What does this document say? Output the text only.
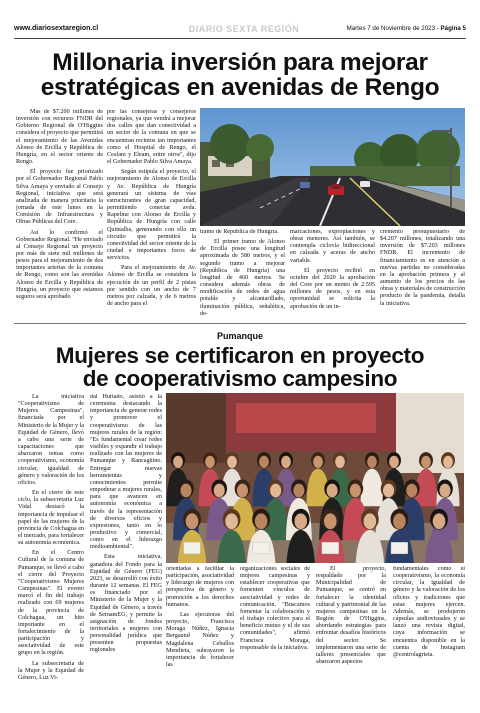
www.diariosextaregion.cl	DIARIO SEXTA REGIÓN	Martes 7 de Noviembre de 2023 - Página 5
Millonaria inversión para mejorar
estratégicas en avenidas de Rengo

Más de $7.200 millones de inversión con recursos FNDR del Gobierno Regional de O'Higgins considera el proyecto que permitirá el mejoramiento de las Avenidas Alonso de Ercilla y República de Hungría, en el sector oriente de Rengo.

El proyecto fue priorizado por el Gobernador Regional Pablo Silva Amaya y enviado al Consejo Regional, iniciativa que será analizada de manera prioritaria la jornada de este lunes en la Comisión de Infraestructura y Obras Públicas del Core.

Así lo confirmó el Gobernador Regional. "He enviado al Consejo Regional un proyecto por más de siete mil millones de pesos para el mejoramiento de dos importantes arterias de la comuna de Rengo, como son las avenidas Alonso de Ercilla y República de Hungría, un proyecto que estamos seguros será aprobado

por las consejeras y consejeros regionales, ya que vendrá a mejorar dos calles que dan conectividad a un sector de la comuna en que se encuentran recintos tan importantes como el Hospital de Rengo, el Cesfam y Eleam, entre otros", dijo el Gobernador Pablo Silva Amaya.

Según estipula el proyecto, el mejoramiento de Alonso de Ercilla y Av. República de Hungría generará un sistema de vías estructurantes de gran capacidad, permitiendo conectar avda. Rapelme con Alonso de Ercilla y República de Hungría con calle Quintalba, generando con ello un circuito que permitirá la conectividad del sector oriente de la ciudad e importantes focos de servicios.

Para el mejoramiento de Av. Alonso de Ercilla se considera la ejecución de un perfil de 2 pistas por sentido con un ancho de 7 metros por calzada, y de 6 metros de ancho para el

tramo de República de Hungría.

El primer tramo de Alonso de Ercilla posee una longitud aproximada de 580 metros, y el segundo tramo a mejorar (República de Hungría) una longitud de 460 metros. Se considera además obras de modificación de redes de agua potable y alcantarillado, iluminación pública, señalética, de-

marcaciones, expropiaciones y obras menores. Así también, se contempla ciclovía bidireccional en calzada y aceras de ancho variable.

El proyecto recibió en octubre del 2020 la aprobación del Core por un monto de 2.595 millones de pesos, y en esta oportunidad se solicita la aprobación de un in-

cremento presupuestario de $4.207 millones, totalizando una inversión de $7.203 millones FNDR. El incremento de financiamiento es en atención a nuevas partidas no consideradas en la aprobación primera y al aumento de los precios de las obras y materiales de construcción producto de la pandemia, detalla la iniciativa.

Pumanque
Mujeres se certificaron en proyecto
de cooperativismo campesino

La iniciativa "Cooperativismo de Mujeres Campesinas", financiada por el Ministerio de la Mujer y la Equidad de Género, llevó a cabo una serie de capacitaciones que abarcaron temas como cooperativismo, economía circular, igualdad de género y valoración de los oficios.

En el cierre de este ciclo, la subsecretaria Luz Vidal destacó la importancia de impulsar el papel de las mujeres de la provincia de Colchagua en el mercado, para fortalecer su autonomía económica.

En el Centro Cultural de la comuna de Pumanque, se llevó a cabo el cierre del Proyecto "Cooperativismo Mujeres Campesinas". El evento marcó el fin del trabajo realizado con 69 mujeres de la provincia de Colchagua, un hito importante en el fortalecimiento de la participación y asociatividad de este grupo en la región.

La subsecretaria de la Mujer y la Equidad de Género, Luz Vi-

dal Hurtado, asistió a la ceremonia destacando la importancia de generar redes y promover el cooperativismo de las mujeres rurales de la región: "Es fundamental crear redes visibles y expandir el trabajo realizado con las mujeres de Pumanque y Rancagüino. Entregar nuevas herramientas y conocimientos permite empoderar a mujeres rurales, para que avancen en autonomía económica a través de la representación de diversos oficios y expresiones, tanto en lo productivo y comercial, como en el liderazgo medioambiental".

Esta iniciativa, ganadora del Fondo para la Equidad de Género (FEG) 2023, se desarrolló con éxito durante 12 semanas. El FEG es financiado por el Ministerio de la Mujer y la Equidad de Género, a través de SernamEG, y permite la asignación de fondos territoriales a mujeres con personalidad jurídica que presenten propuestas regionales

orientadas a facilitar la participación, asociatividad y liderazgo de mujeres con perspectiva de género y promoción a los derechos humanos.

Las ejecutoras del proyecto, Francisca Moraga Núñez, Ignacia Bergaund Núñez y Magdalena Ceballos Mendieta, subrayaron la importancia de fortalecer las

organizaciones sociales de mujeres campesinas y establecer cooperativas que fomenten vínculos de asociatividad y redes de comunicación. "Buscamos fomentar la colaboración y el trabajo colectivo para el beneficio mutuo y el de sus comunidades", afirmó Francisca Moraga, responsable de la iniciativa.

El proyecto, respaldado por la Municipalidad de Pumanque, se centró en fortalecer la identidad cultural y patrimonial de las mujeres campesinas en la Región de O'Higgins, abordando estrategias para enfrentar desafíos históricos del sector. Se implementaron una serie de talleres presenciales que abarcaron aspectos

fundamentales como el cooperativismo, la economía circular, la igualdad de género y la valoración de los oficios y tradiciones que estas mujeres ejercen. Además, se produjeron cápsulas audiovisuales y se lanzó una revista digital, cuya información se encuentra disponible en la cuenta de Instagram @centrolagrieta.
